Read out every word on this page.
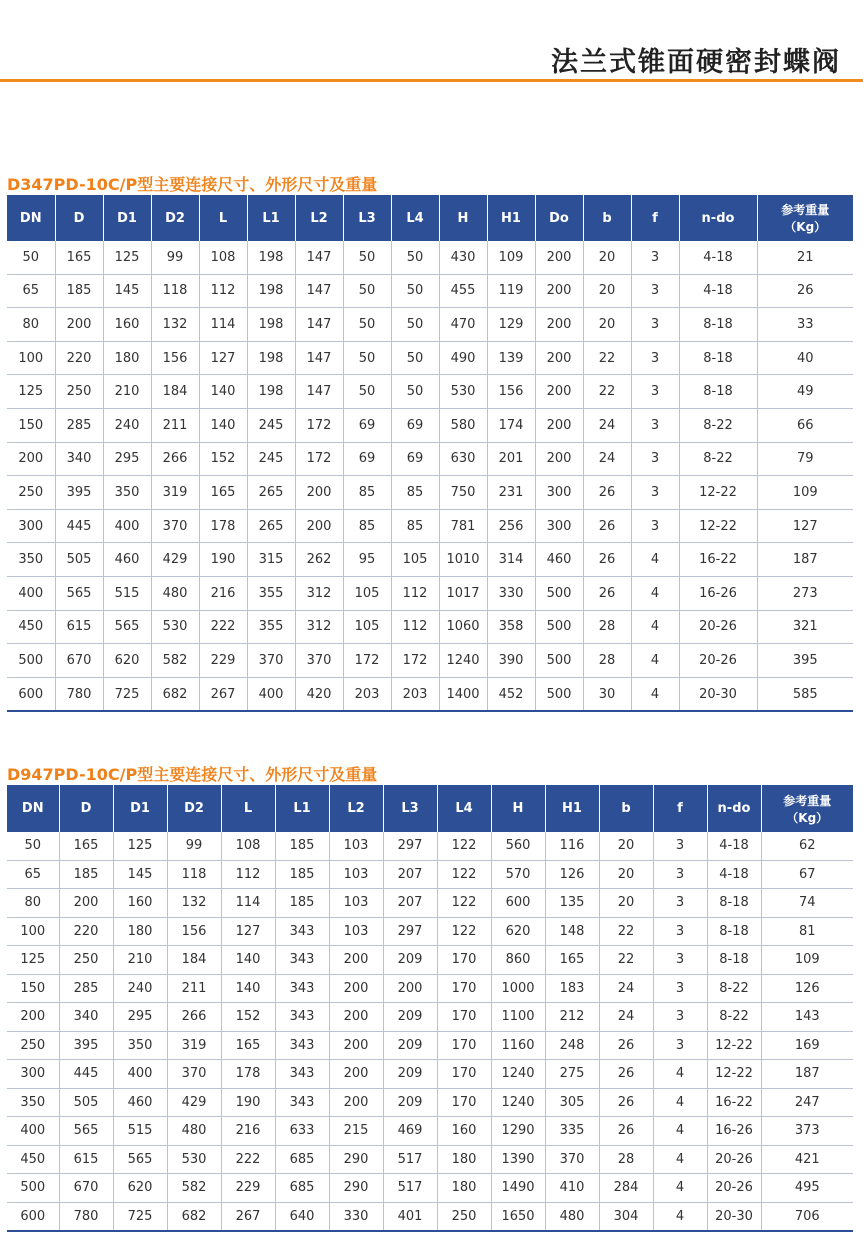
法兰式锥面硬密封蝶阀
D347PD-10C/P型主要连接尺寸、外形尺寸及重量
DN	D	D1	D2	L	L1	L2	L3	L4	H	H1	Do	b	f	n-do	参考重量
（Kg）

50	165	125	99	108	198	147	50	50	430	109	200	20	3	4-18	21
65	185	145	118	112	198	147	50	50	455	119	200	20	3	4-18	26
80	200	160	132	114	198	147	50	50	470	129	200	20	3	8-18	33
100	220	180	156	127	198	147	50	50	490	139	200	22	3	8-18	40
125	250	210	184	140	198	147	50	50	530	156	200	22	3	8-18	49
150	285	240	211	140	245	172	69	69	580	174	200	24	3	8-22	66
200	340	295	266	152	245	172	69	69	630	201	200	24	3	8-22	79
250	395	350	319	165	265	200	85	85	750	231	300	26	3	12-22	109
300	445	400	370	178	265	200	85	85	781	256	300	26	3	12-22	127
350	505	460	429	190	315	262	95	105	1010	314	460	26	4	16-22	187
400	565	515	480	216	355	312	105	112	1017	330	500	26	4	16-26	273
450	615	565	530	222	355	312	105	112	1060	358	500	28	4	20-26	321
500	670	620	582	229	370	370	172	172	1240	390	500	28	4	20-26	395
600	780	725	682	267	400	420	203	203	1400	452	500	30	4	20-30	585
D947PD-10C/P型主要连接尺寸、外形尺寸及重量
DN	D	D1	D2	L	L1	L2	L3	L4	H	H1	b	f	n-do	参考重量
（Kg）

50	165	125	99	108	185	103	297	122	560	116	20	3	4-18	62
65	185	145	118	112	185	103	207	122	570	126	20	3	4-18	67
80	200	160	132	114	185	103	207	122	600	135	20	3	8-18	74
100	220	180	156	127	343	103	297	122	620	148	22	3	8-18	81
125	250	210	184	140	343	200	209	170	860	165	22	3	8-18	109
150	285	240	211	140	343	200	200	170	1000	183	24	3	8-22	126
200	340	295	266	152	343	200	209	170	1100	212	24	3	8-22	143
250	395	350	319	165	343	200	209	170	1160	248	26	3	12-22	169
300	445	400	370	178	343	200	209	170	1240	275	26	4	12-22	187
350	505	460	429	190	343	200	209	170	1240	305	26	4	16-22	247
400	565	515	480	216	633	215	469	160	1290	335	26	4	16-26	373
450	615	565	530	222	685	290	517	180	1390	370	28	4	20-26	421
500	670	620	582	229	685	290	517	180	1490	410	284	4	20-26	495
600	780	725	682	267	640	330	401	250	1650	480	304	4	20-30	706
